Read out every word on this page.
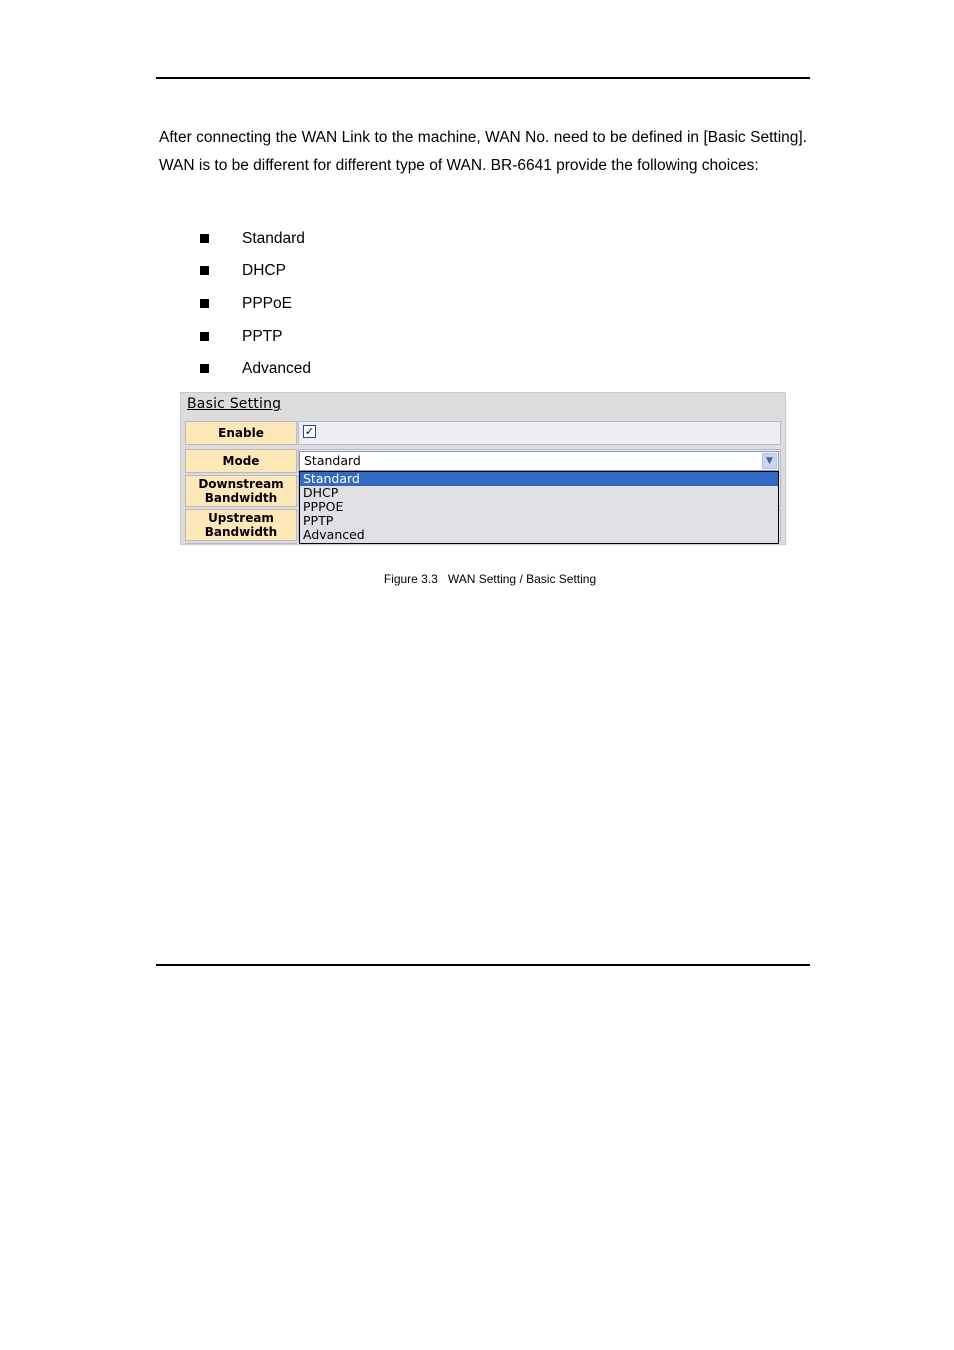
After connecting the WAN Link to the machine, WAN No. need to be defined in [Basic Setting]. WAN is to be different for different type of WAN. BR-6641 provide the following choices:

Standard
DHCP
PPPoE
PPTP
Advanced
Basic Setting
Enable	✓
Mode
Downstream
Bandwidth
Upstream
Bandwidth
Standard	▼
Standard
DHCP
PPPOE
PPTP
Advanced
Figure 3.3   WAN Setting / Basic Setting
